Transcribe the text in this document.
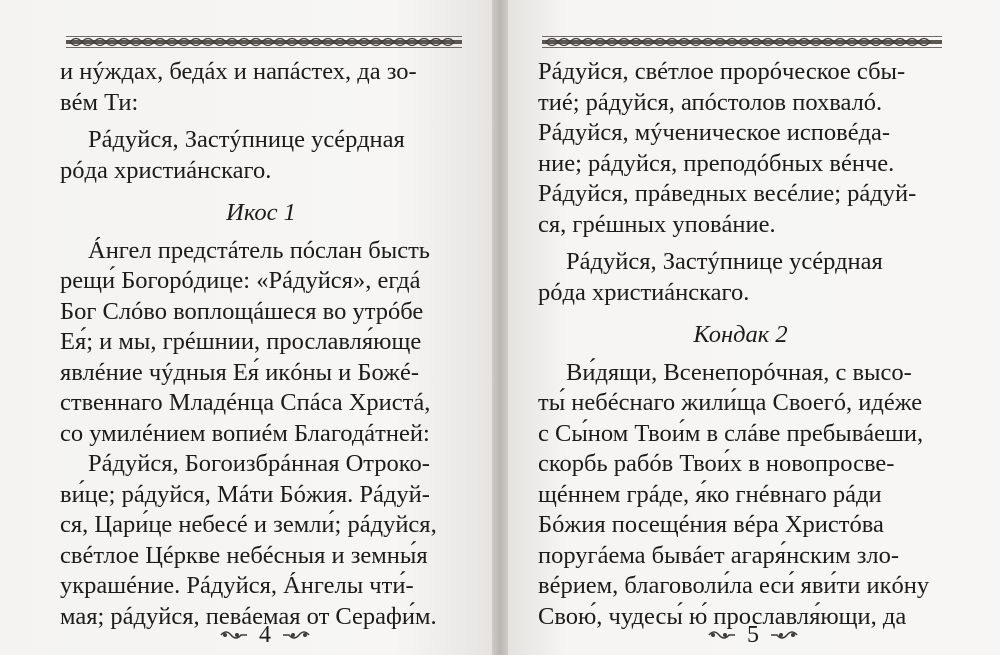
и нýждах, бедáх и напáстех, да зо-
вéм Ти:
Рáдуйся, Застýпнице усéрдная
рóда христиáнскаго.
Икос 1
Áнгел предстáтель пóслан бысть
рещи́ Богорóдице: «Рáдуйся», егдá
Бог Слóво воплощáшеся во утрóбе
Ея́; и мы, грéшнии, прославля́юще
явлéние чýдныя Ея́ икóны и Божé-
ственнаго Младéнца Спáса Христá,
со умилéнием вопиéм Благодáтней:
Рáдуйся, Богоизбрáнная Отроко-
ви́це; рáдуйся, Мáти Бóжия. Рáдуй-
ся, Цари́це небесé и земли́; рáдуйся,
свéтлое Цéркве небéсныя и земны́я
украшéние. Рáдуйся, Áнгелы чти́-
мая; рáдуйся, певáемая от Серафи́м.
4
Рáдуйся, свéтлое прорóческое сбы-
тиé; рáдуйся, апóстолов похвалó.
Рáдуйся, мýченическое исповéда-
ние; рáдуйся, преподóбных вéнче.
Рáдуйся, прáведных весéлие; рáдуй-
ся, грéшных уповáние.
Рáдуйся, Застýпнице усéрдная
рóда христиáнскаго.
Кондак 2
Ви́дящи, Всенепорóчная, с высо-
ты́ небéснаго жили́ща Своегó, идéже
с Сы́ном Твои́м в слáве пребывáеши,
скорбь рабóв Твои́х в новопросве-
щéннем грáде, я́ко гнéвнаго рáди
Бóжия посещéния вéра Христóва
поругáема бывáет агаря́нским зло-
вéрием, благоволи́ла еси́ яви́ти икóну
Свою́, чудесы́ ю́ прославля́ющи, да
5
